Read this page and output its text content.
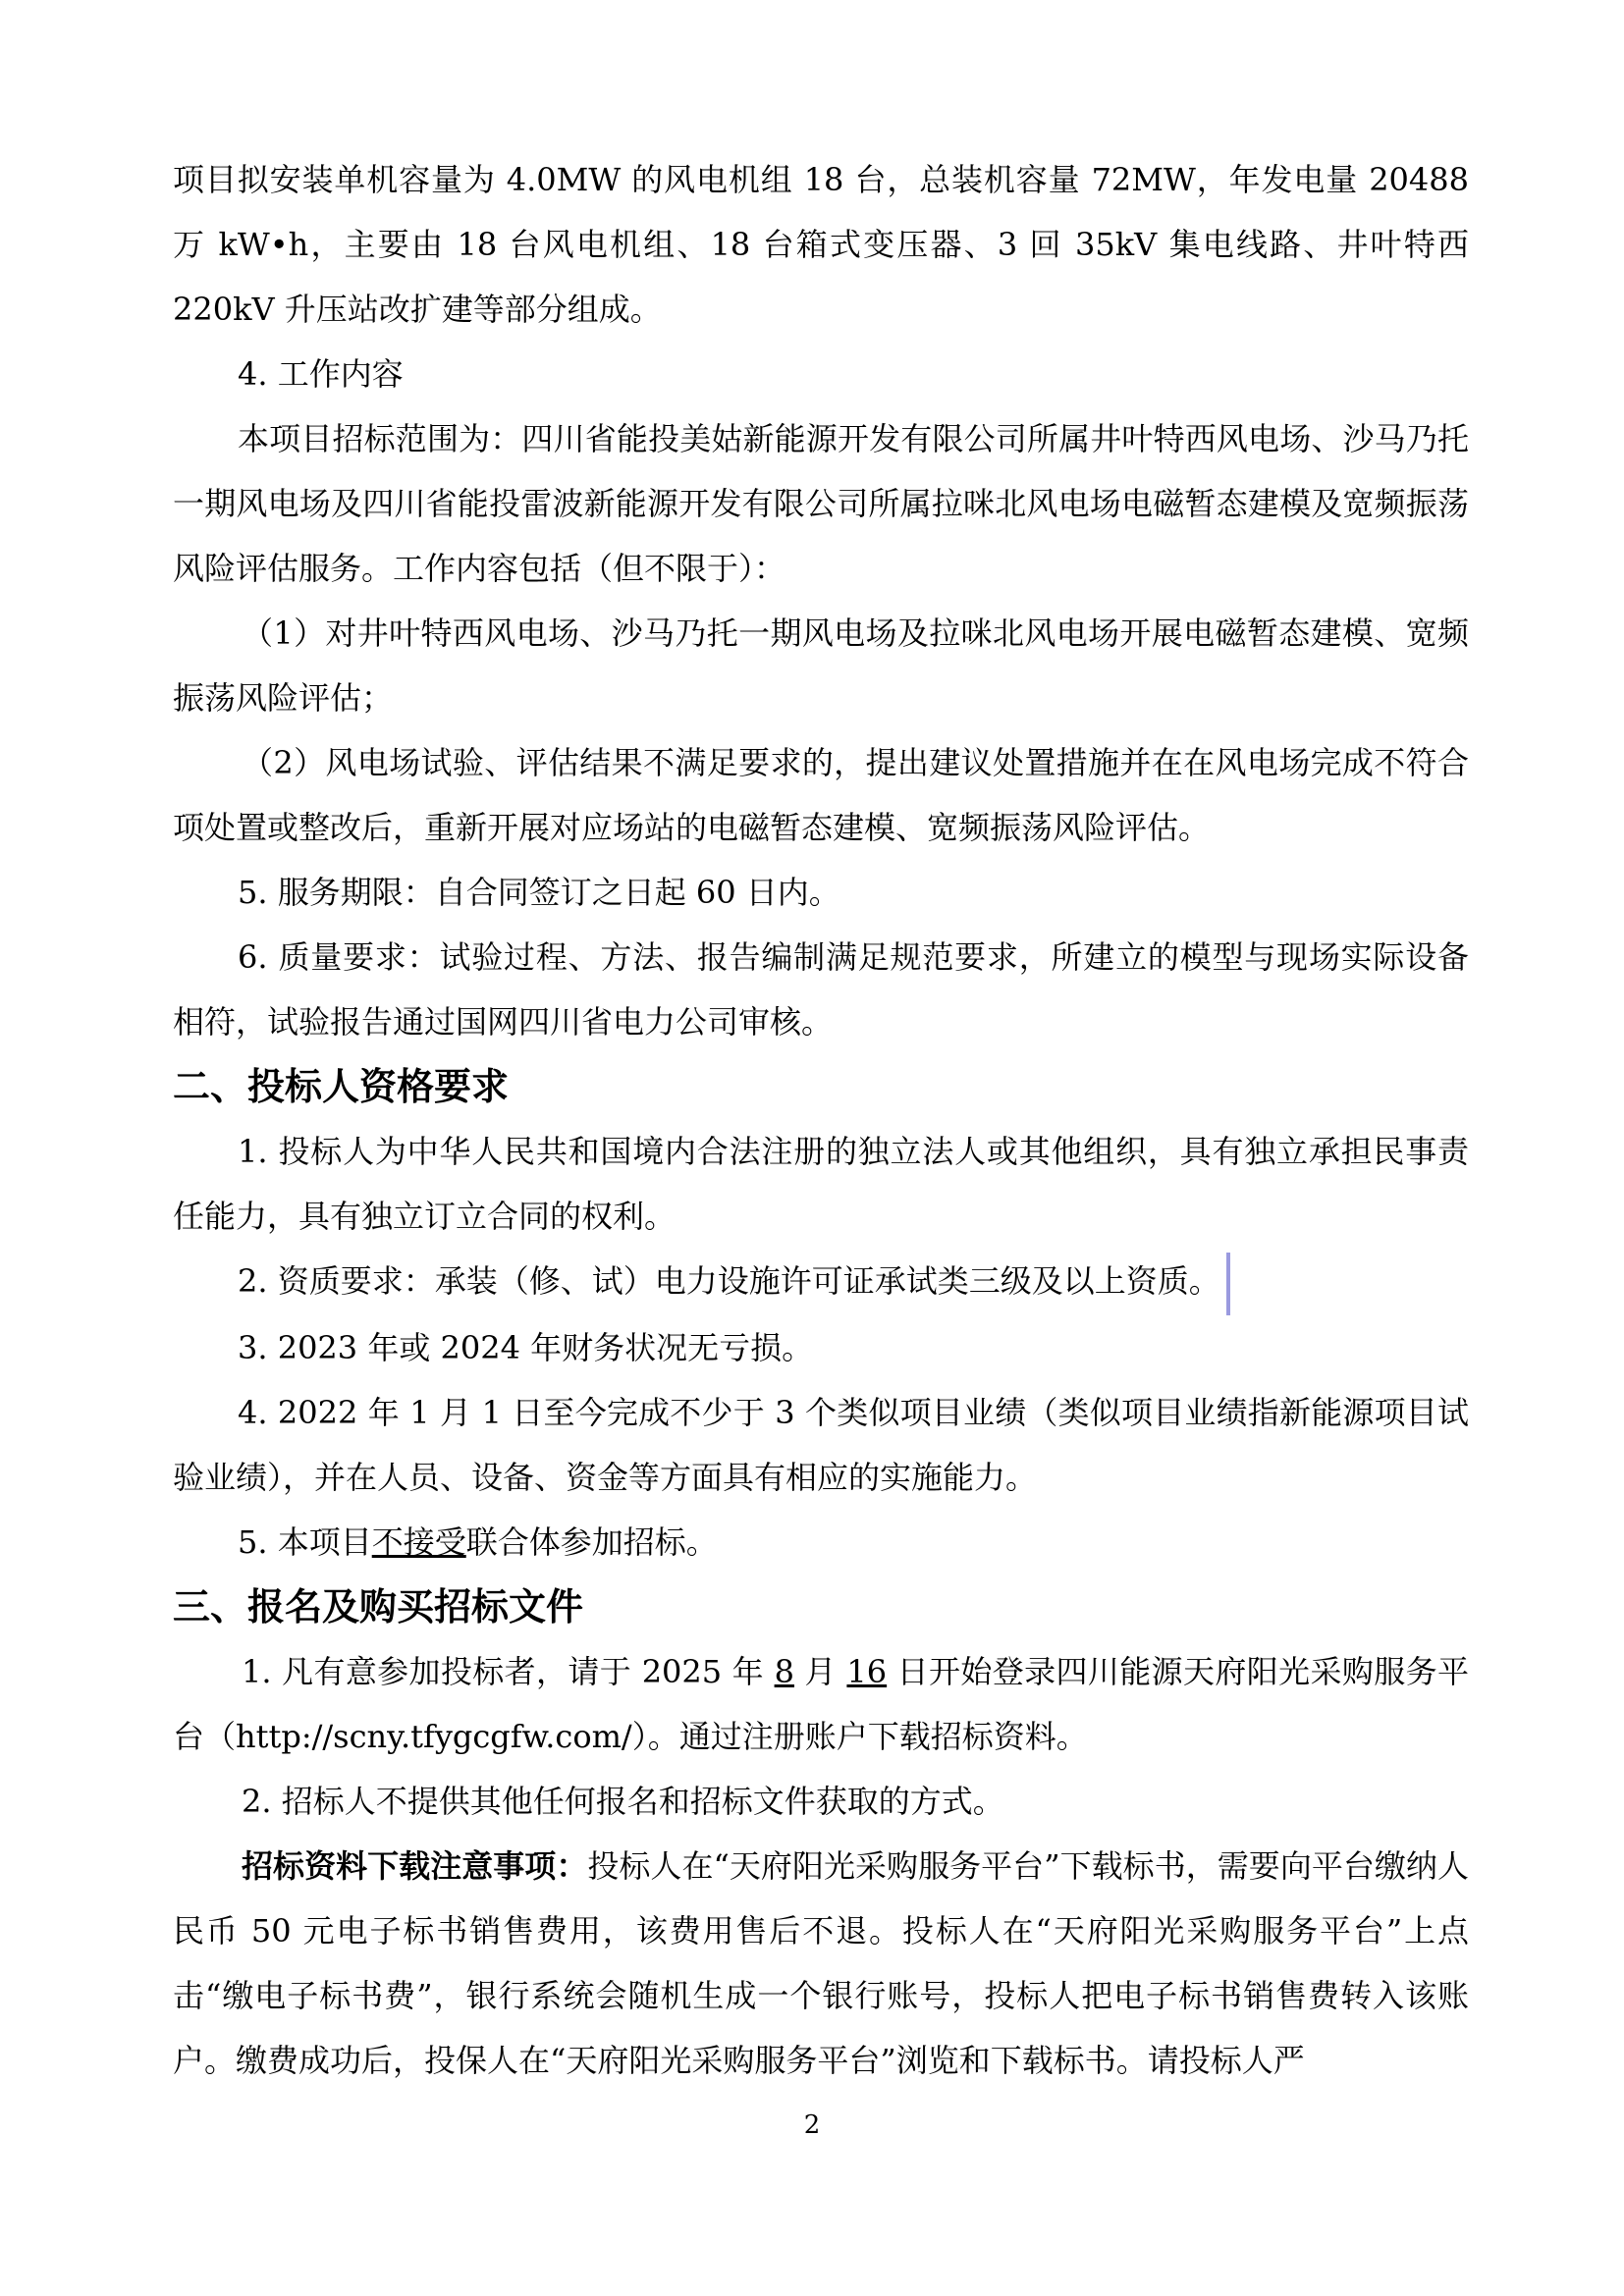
项目拟安装单机容量为 4.0MW 的风电机组 18 台，总装机容量 72MW，年发电量 20488 万 kW•h，主要由 18 台风电机组、18 台箱式变压器、3 回 35kV 集电线路、井叶特西 220kV 升压站改扩建等部分组成。

4. 工作内容

本项目招标范围为：四川省能投美姑新能源开发有限公司所属井叶特西风电场、沙马乃托一期风电场及四川省能投雷波新能源开发有限公司所属拉咪北风电场电磁暂态建模及宽频振荡风险评估服务。工作内容包括（但不限于）：

（1）对井叶特西风电场、沙马乃托一期风电场及拉咪北风电场开展电磁暂态建模、宽频振荡风险评估；

（2）风电场试验、评估结果不满足要求的，提出建议处置措施并在在风电场完成不符合项处置或整改后，重新开展对应场站的电磁暂态建模、宽频振荡风险评估。

5. 服务期限：自合同签订之日起 60 日内。

6. 质量要求：试验过程、方法、报告编制满足规范要求，所建立的模型与现场实际设备相符，试验报告通过国网四川省电力公司审核。

二、投标人资格要求

1. 投标人为中华人民共和国境内合法注册的独立法人或其他组织，具有独立承担民事责任能力，具有独立订立合同的权利。

2. 资质要求：承装（修、试）电力设施许可证承试类三级及以上资质。

3. 2023 年或 2024 年财务状况无亏损。

4. 2022 年 1 月 1 日至今完成不少于 3 个类似项目业绩（类似项目业绩指新能源项目试验业绩），并在人员、设备、资金等方面具有相应的实施能力。

5. 本项目不接受联合体参加招标。

三、报名及购买招标文件

1. 凡有意参加投标者，请于 2025 年 8 月 16 日开始登录四川能源天府阳光采购服务平台（http://scny.tfygcgfw.com/）。通过注册账户下载招标资料。

2. 招标人不提供其他任何报名和招标文件获取的方式。

招标资料下载注意事项：投标人在“天府阳光采购服务平台”下载标书，需要向平台缴纳人民币 50 元电子标书销售费用，该费用售后不退。投标人在“天府阳光采购服务平台”上点击“缴电子标书费”，银行系统会随机生成一个银行账号，投标人把电子标书销售费转入该账户。缴费成功后，投保人在“天府阳光采购服务平台”浏览和下载标书。请投标人严

2
